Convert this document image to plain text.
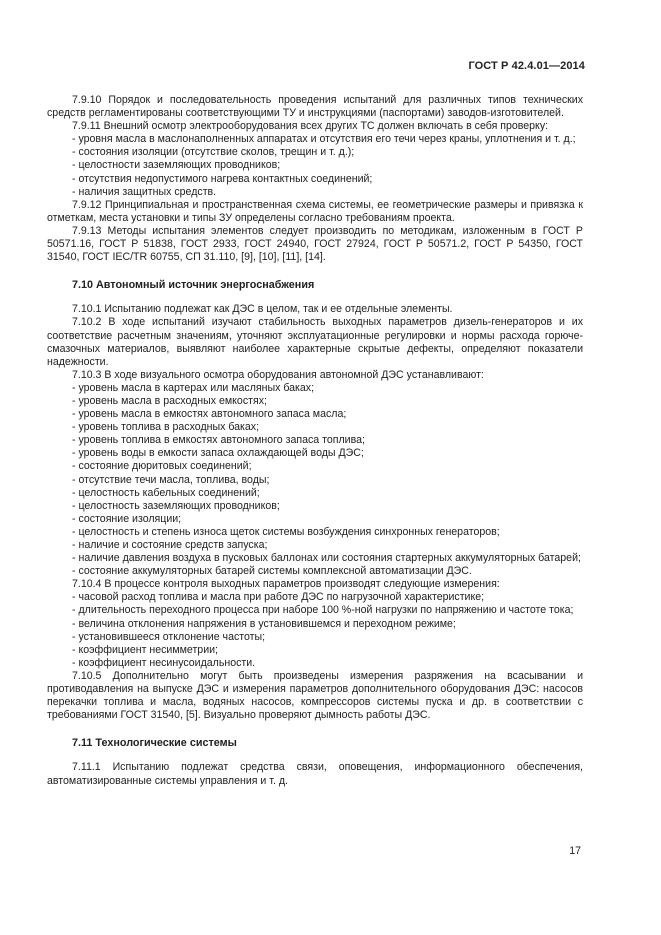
ГОСТ Р 42.4.01—2014

7.9.10 Порядок и последовательность проведения испытаний для различных типов технических средств регламентированы соответствующими ТУ и инструкциями (паспортами) заводов-изготовителей.

7.9.11 Внешний осмотр электрооборудования всех других ТС должен включать в себя проверку:

- уровня масла в маслонаполненных аппаратах и отсутствия его течи через краны, уплотнения и т. д.;

- состояния изоляции (отсутствие сколов, трещин и т. д.);

- целостности заземляющих проводников;

- отсутствия недопустимого нагрева контактных соединений;

- наличия защитных средств.

7.9.12 Принципиальная и пространственная схема системы, ее геометрические размеры и привязка к отметкам, места установки и типы ЗУ определены согласно требованиям проекта.

7.9.13 Методы испытания элементов следует производить по методикам, изложенным в ГОСТ Р 50571.16, ГОСТ Р 51838, ГОСТ 2933, ГОСТ 24940, ГОСТ 27924, ГОСТ Р 50571.2, ГОСТ Р 54350, ГОСТ 31540, ГОСТ IEC/TR 60755, СП 31.110, [9], [10], [11], [14].

7.10 Автономный источник энергоснабжения

7.10.1 Испытанию подлежат как ДЭС в целом, так и ее отдельные элементы.

7.10.2 В ходе испытаний изучают стабильность выходных параметров дизель-генераторов и их соответствие расчетным значениям, уточняют эксплуатационные регулировки и нормы расхода горюче-смазочных материалов, выявляют наиболее характерные скрытые дефекты, определяют показатели надежности.

7.10.3 В ходе визуального осмотра оборудования автономной ДЭС устанавливают:

- уровень масла в картерах или масляных баках;

- уровень масла в расходных емкостях;

- уровень масла в емкостях автономного запаса масла;

- уровень топлива в расходных баках;

- уровень топлива в емкостях автономного запаса топлива;

- уровень воды в емкости запаса охлаждающей воды ДЭС;

- состояние дюритовых соединений;

- отсутствие течи масла, топлива, воды;

- целостность кабельных соединений;

- целостность заземляющих проводников;

- состояние изоляции;

- целостность и степень износа щеток системы возбуждения синхронных генераторов;

- наличие и состояние средств запуска;

- наличие давления воздуха в пусковых баллонах или состояния стартерных аккумуляторных батарей;

- состояние аккумуляторных батарей системы комплексной автоматизации ДЭС.

7.10.4 В процессе контроля выходных параметров производят следующие измерения:

- часовой расход топлива и масла при работе ДЭС по нагрузочной характеристике;

- длительность переходного процесса при наборе 100 %-ной нагрузки по напряжению и частоте тока;

- величина отклонения напряжения в установившемся и переходном режиме;

- установившееся отклонение частоты;

- коэффициент несимметрии;

- коэффициент несинусоидальности.

7.10.5 Дополнительно могут быть произведены измерения разряжения на всасывании и противодавления на выпуске ДЭС и измерения параметров дополнительного оборудования ДЭС: насосов перекачки топлива и масла, водяных насосов, компрессоров системы пуска и др. в соответствии с требованиями ГОСТ 31540, [5]. Визуально проверяют дымность работы ДЭС.

7.11 Технологические системы

7.11.1 Испытанию подлежат средства связи, оповещения, информационного обеспечения, автоматизированные системы управления и т. д.

17
